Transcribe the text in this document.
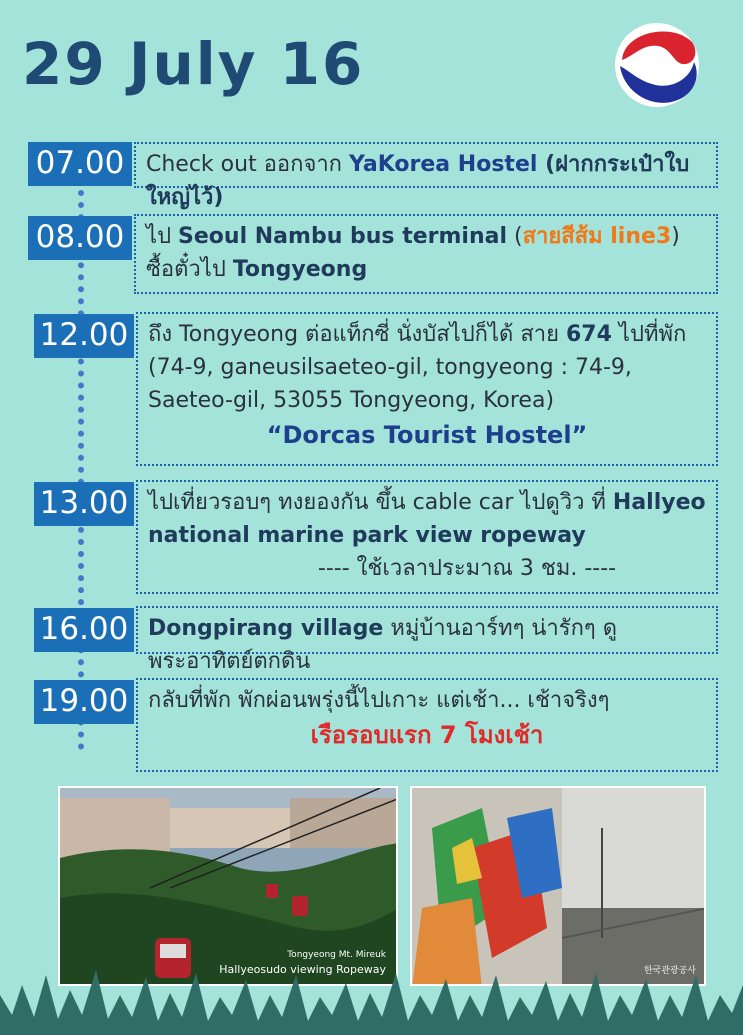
29 July 16
07.00 Check out ออกจาก YaKorea Hostel (ฝากกระเป๋าใบใหญ่ไว้)
08.00 ไป Seoul Nambu bus terminal (สายสีส้ม line3)
ซื้อตั๋วไป Tongyeong
12.00 ถึง Tongyeong ต่อแท็กซี่ นั่งบัสไปก็ได้ สาย 674 ไปที่พัก
(74-9, ganeusilsaeteo-gil, tongyeong : 74-9, Saeteo-gil, 53055 Tongyeong, Korea)
“Dorcas Tourist Hostel”
13.00 ไปเที่ยวรอบๆ ทงยองกัน ขึ้น cable car ไปดูวิว ที่ Hallyeo national marine park view ropeway
---- ใช้เวลาประมาณ 3 ชม. ----
16.00 Dongpirang village หมู่บ้านอาร์ทๆ น่ารักๆ ดูพระอาทิตย์ตกดิน
19.00 กลับที่พัก พักผ่อนพรุ่งนี้ไปเกาะ แต่เช้า... เช้าจริงๆ
เรือรอบแรก 7 โมงเช้า
Tongyeong Mt. Mireuk
Hallyeosudo viewing Ropeway	한국관광공사
